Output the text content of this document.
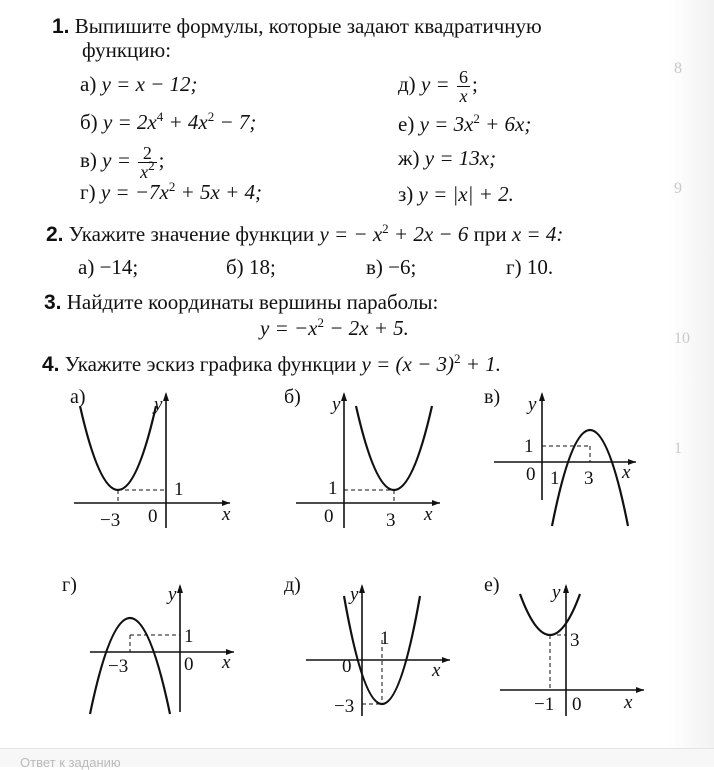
8
9
10
1
1. Выпишите формулы, которые задают квадратичную
функцию:
а) y = x − 12;
б) $y = 2x^4 + 4x^2 - 7$;
в) $y = \frac{2}{x^2}$ ;
г) $y = -7x^2 + 5x + 4$;
д) $y = \frac{6}{x}$ ;
е) $y = 3x^2 + 6x$;
ж) y = 13x;
з) y = |x| + 2.
2. Укажите значение функции y = − $x^2 + 2x - 6$ при x = 4:
а) −14;	б) 18;	в) −6;	г) 10.
3. Найдите координаты вершины параболы:
$y = -x^2 - 2x + 5$.
4. Укажите эскиз графика функции $y = (x - 3)^2 + 1$.
а)
−3 0
1
x
y	б)
0	3
1
x
y	в)
0 1 3
1
x
y
г)
−3	0
1
x
y	д)
0
1
−3
x
y	е)
−1 0
3
x
y
Ответ к заданию
